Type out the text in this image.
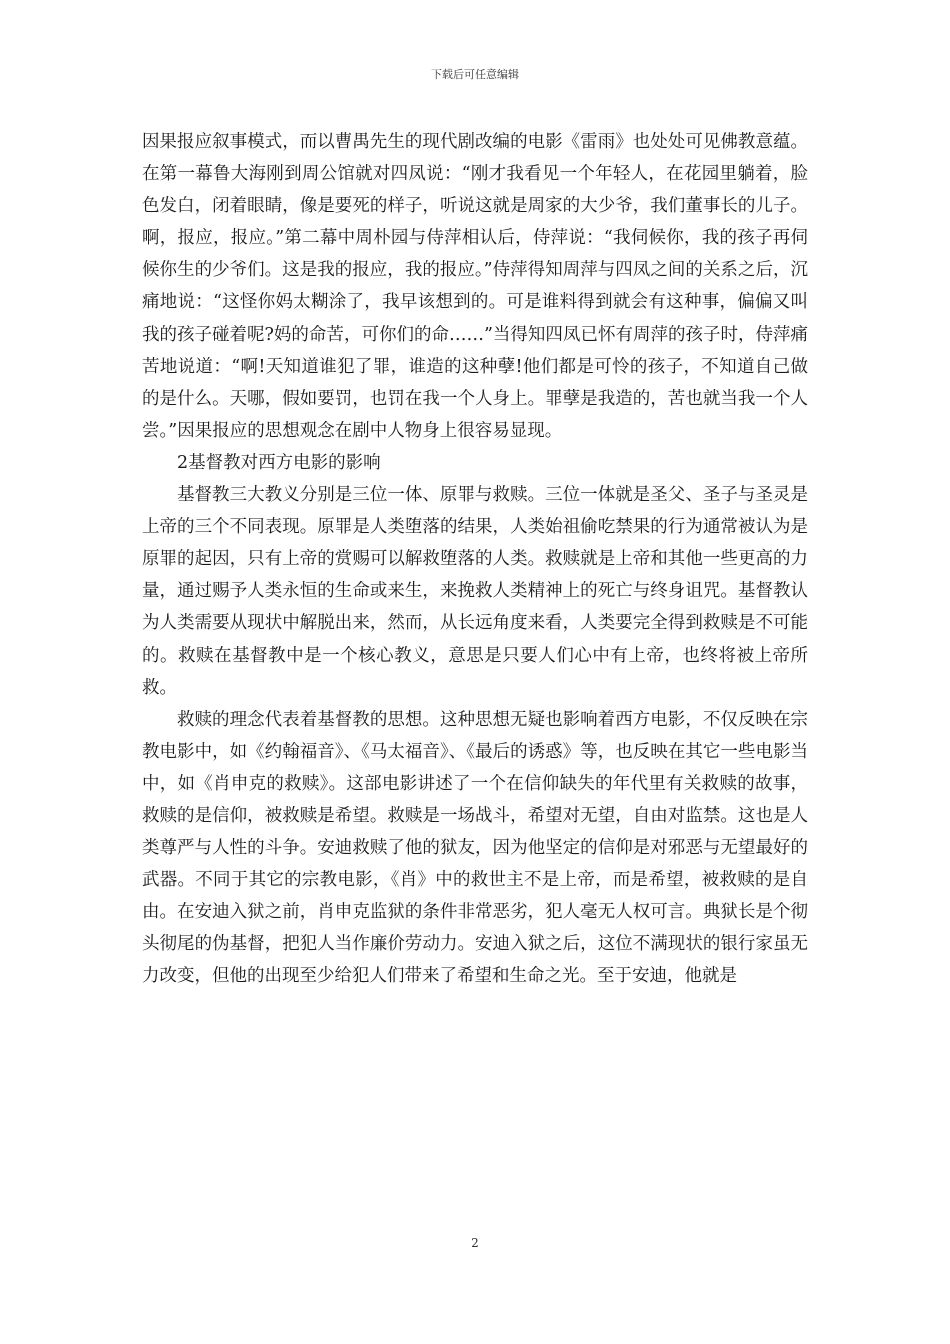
下载后可任意编辑

因果报应叙事模式，而以曹禺先生的现代剧改编的电影《雷雨》也处处可见佛教意蕴。在第一幕鲁大海刚到周公馆就对四凤说：“刚才我看见一个年轻人，在花园里躺着，脸色发白，闭着眼睛，像是要死的样子，听说这就是周家的大少爷，我们董事长的儿子。啊，报应，报应。”第二幕中周朴园与侍萍相认后，侍萍说：“我伺候你，我的孩子再伺候你生的少爷们。这是我的报应，我的报应。”侍萍得知周萍与四凤之间的关系之后，沉痛地说：“这怪你妈太糊涂了，我早该想到的。可是谁料得到就会有这种事，偏偏又叫我的孩子碰着呢?妈的命苦，可你们的命……”当得知四凤已怀有周萍的孩子时，侍萍痛苦地说道：“啊!天知道谁犯了罪，谁造的这种孽!他们都是可怜的孩子，不知道自己做的是什么。天哪，假如要罚，也罚在我一个人身上。罪孽是我造的，苦也就当我一个人尝。”因果报应的思想观念在剧中人物身上很容易显现。

2基督教对西方电影的影响

基督教三大教义分别是三位一体、原罪与救赎。三位一体就是圣父、圣子与圣灵是上帝的三个不同表现。原罪是人类堕落的结果，人类始祖偷吃禁果的行为通常被认为是原罪的起因，只有上帝的赏赐可以解救堕落的人类。救赎就是上帝和其他一些更高的力量，通过赐予人类永恒的生命或来生，来挽救人类精神上的死亡与终身诅咒。基督教认为人类需要从现状中解脱出来，然而，从长远角度来看，人类要完全得到救赎是不可能的。救赎在基督教中是一个核心教义，意思是只要人们心中有上帝，也终将被上帝所救。

救赎的理念代表着基督教的思想。这种思想无疑也影响着西方电影，不仅反映在宗教电影中，如《约翰福音》、《马太福音》、《最后的诱惑》等，也反映在其它一些电影当中，如《肖申克的救赎》。这部电影讲述了一个在信仰缺失的年代里有关救赎的故事，救赎的是信仰，被救赎是希望。救赎是一场战斗，希望对无望，自由对监禁。这也是人类尊严与人性的斗争。安迪救赎了他的狱友，因为他坚定的信仰是对邪恶与无望最好的武器。不同于其它的宗教电影，《肖》中的救世主不是上帝，而是希望，被救赎的是自由。在安迪入狱之前，肖申克监狱的条件非常恶劣，犯人毫无人权可言。典狱长是个彻头彻尾的伪基督，把犯人当作廉价劳动力。安迪入狱之后，这位不满现状的银行家虽无力改变，但他的出现至少给犯人们带来了希望和生命之光。至于安迪，他就是

2
